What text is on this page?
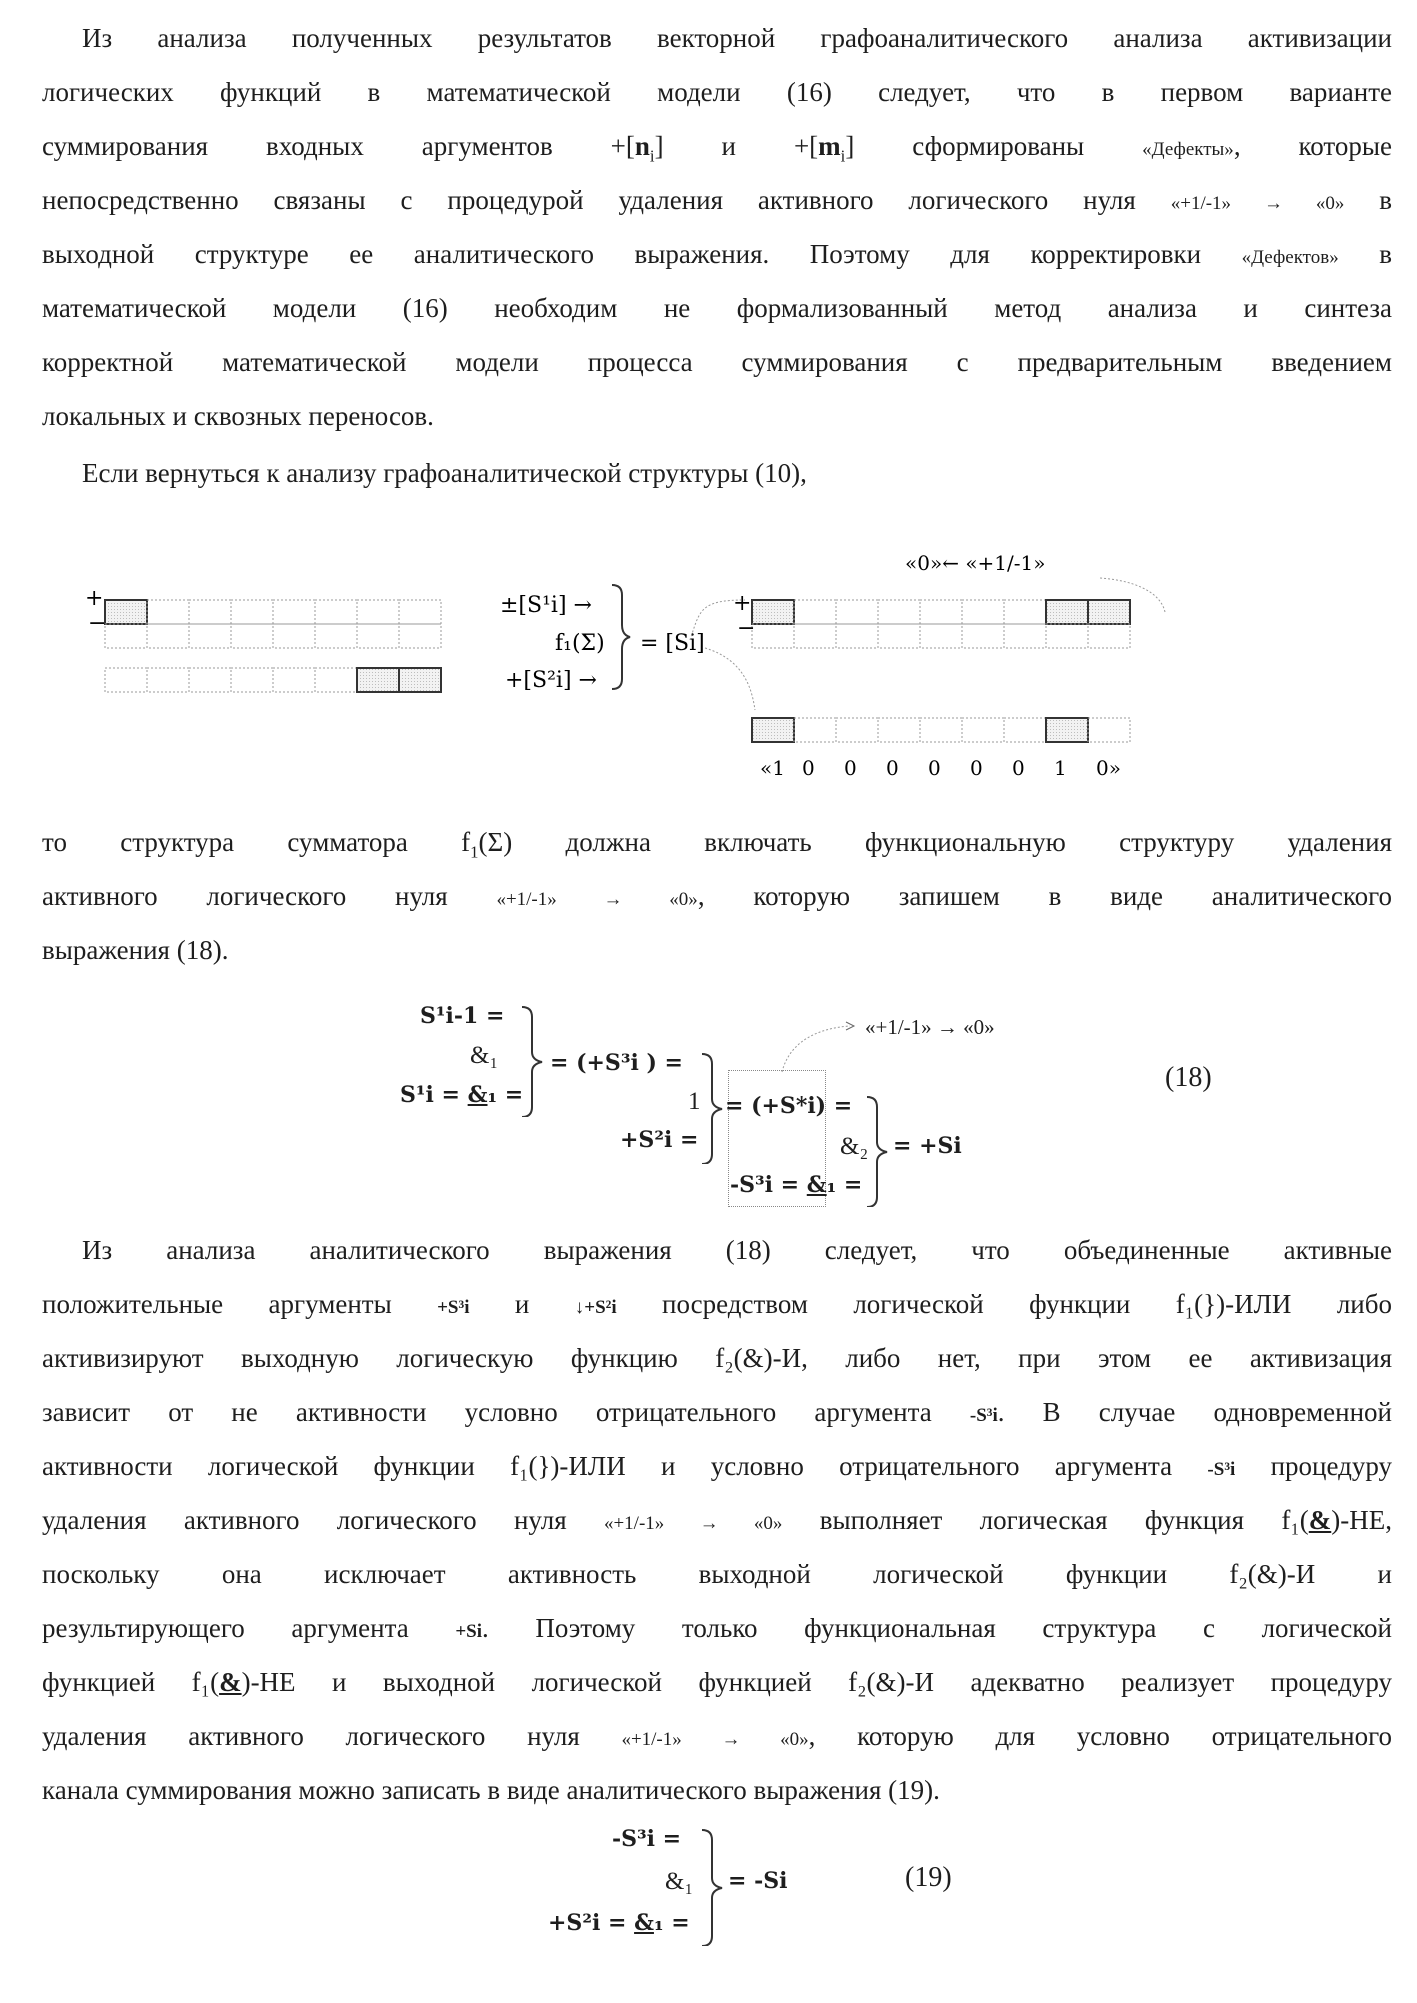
Из анализа полученных результатов векторной графоаналитического анализа активизации
логических функций в математической модели (16) следует, что в первом варианте
суммирования входных аргументов +[ni] и +[mi] сформированы «Дефекты», которые
непосредственно связаны с процедурой удаления активного логического нуля «+1/-1» → «0» в
выходной структуре ее аналитического выражения. Поэтому для корректировки «Дефектов» в
математической модели (16) необходим не формализованный метод анализа и синтеза
корректной математической модели процесса суммирования с предварительным введением
локальных и сквозных переносов.
Если вернуться к анализу графоаналитической структуры (10),
+
−
+
−
±[S¹i] →
f₁(Σ)
+[S²i] →
= [Si]
«0»← «+1/-1»
«1 0 0 0 0 0 0 1 0»
то структура сумматора f1(Σ) должна включать функциональную структуру удаления
активного логического нуля «+1/-1» → «0», которую запишем в виде аналитического
выражения (18).
S¹i-1 =
&₁
S¹i = &₁ =
= (+S³i ) =
1
+S²i =
= (+S*i) =
&₂
-S³i = &₁ =
= +Si
«+1/-1» → «0»
(18)
Из анализа аналитического выражения (18) следует, что объединенные активные
положительные аргументы +S³i и ↓+S²i посредством логической функции f₁(})-ИЛИ либо
активизируют выходную логическую функцию f₂(&)-И, либо нет, при этом ее активизация
зависит от не активности условно отрицательного аргумента -S³i. В случае одновременной
активности логической функции f₁(})-ИЛИ и условно отрицательного аргумента -S³i процедуру
удаления активного логического нуля «+1/-1» → «0» выполняет логическая функция f₁(&)-НЕ,
поскольку она исключает активность выходной логической функции f₂(&)-И и
результирующего аргумента +Si. Поэтому только функциональная структура с логической
функцией f₁(&)-НЕ и выходной логической функцией f₂(&)-И адекватно реализует процедуру
удаления активного логического нуля «+1/-1» → «0», которую для условно отрицательного
канала суммирования можно записать в виде аналитического выражения (19).
-S³i =
&₁
+S²i = &₁ =
= -Si	(19)
